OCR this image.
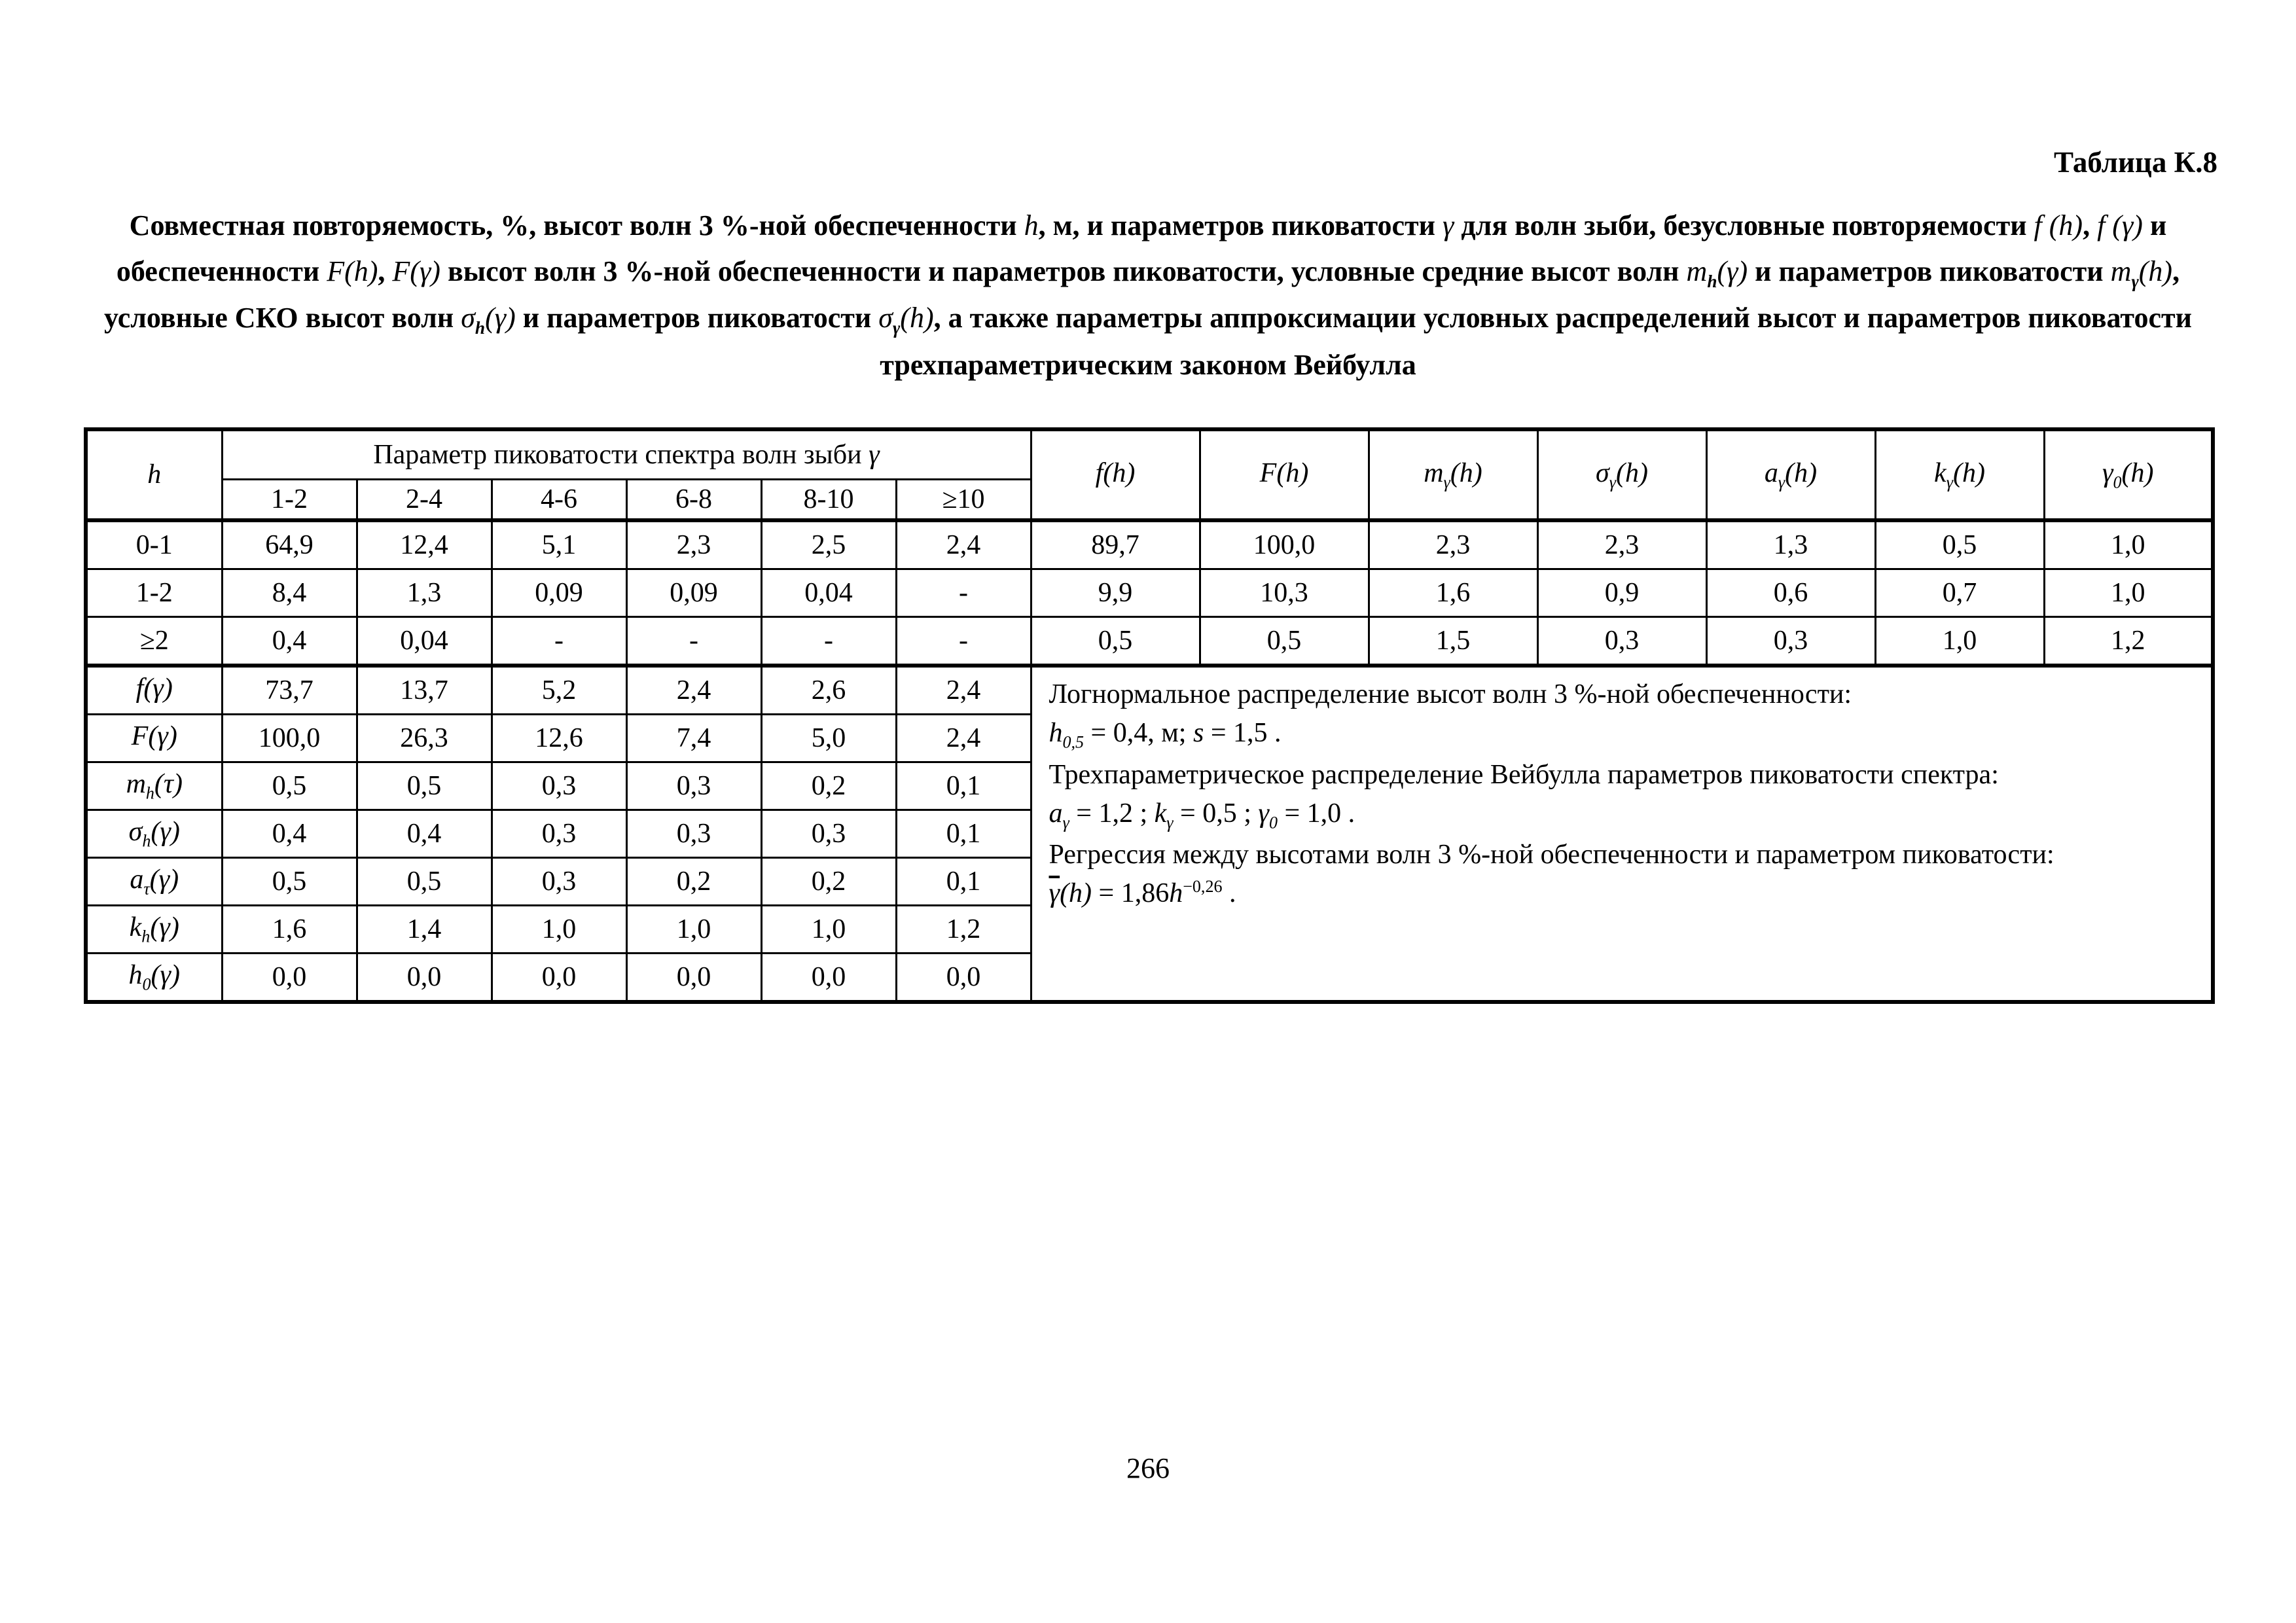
Таблица К.8

Совместная повторяемость, %, высот волн 3 %-ной обеспеченности h, м, и параметров пиковатости γ для волн зыби, безусловные повторяемости f (h), f (γ) и обеспеченности F(h), F(γ) высот волн 3 %-ной обеспеченности и параметров пиковатости, условные средние высот волн $m_h(\gamma)$ и параметров пиковатости $m_\gamma(h)$, условные СКО высот волн $\sigma_h(\gamma)$ и параметров пиковатости $\sigma_\gamma(h)$, а также параметры аппроксимации условных распределений высот и параметров пиковатости трехпараметрическим законом Вейбулла

h	Параметр пиковатости спектра волн зыби γ						f(h)	F(h)	$m_\gamma(h)$	$\sigma_\gamma(h)$	$a_\gamma(h)$	$k_\gamma(h)$	$\gamma_0(h)$
	1-2	2-4	4-6	6-8	8-10	≥10							
0-1	64,9	12,4	5,1	2,3	2,5	2,4	89,7	100,0	2,3	2,3	1,3	0,5	1,0
1-2	8,4	1,3	0,09	0,09	0,04	-	9,9	10,3	1,6	0,9	0,6	0,7	1,0
≥2	0,4	0,04	-	-	-	-	0,5	0,5	1,5	0,3	0,3	1,0	1,2
f(γ)	73,7	13,7	5,2	2,4	2,6	2,4	Логнормальное распределение высот волн 3 %-ной обеспеченности:

$h_{0,5} = 0,4$, м; s = 1,5 .

Трехпараметрическое распределение Вейбулла параметров пиковатости спектра:

$a_\gamma = 1,2$ ; $k_\gamma = 0,5$ ; $\gamma_0 = 1,0$ .

Регрессия между высотами волн 3 %-ной обеспеченности и параметром пиковатости:

$\overline{\gamma}(h) = 1,86h^{-0,26}$ .

F(γ)	100,0	26,3	12,6	7,4	5,0	2,4							
$m_h(\tau)$	0,5	0,5	0,3	0,3	0,2	0,1							
$\sigma_h(\gamma)$	0,4	0,4	0,3	0,3	0,3	0,1							
$a_\tau(\gamma)$	0,5	0,5	0,3	0,2	0,2	0,1							
$k_h(\gamma)$	1,6	1,4	1,0	1,0	1,0	1,2							
$h_0(\gamma)$	0,0	0,0	0,0	0,0	0,0	0,0							
266
